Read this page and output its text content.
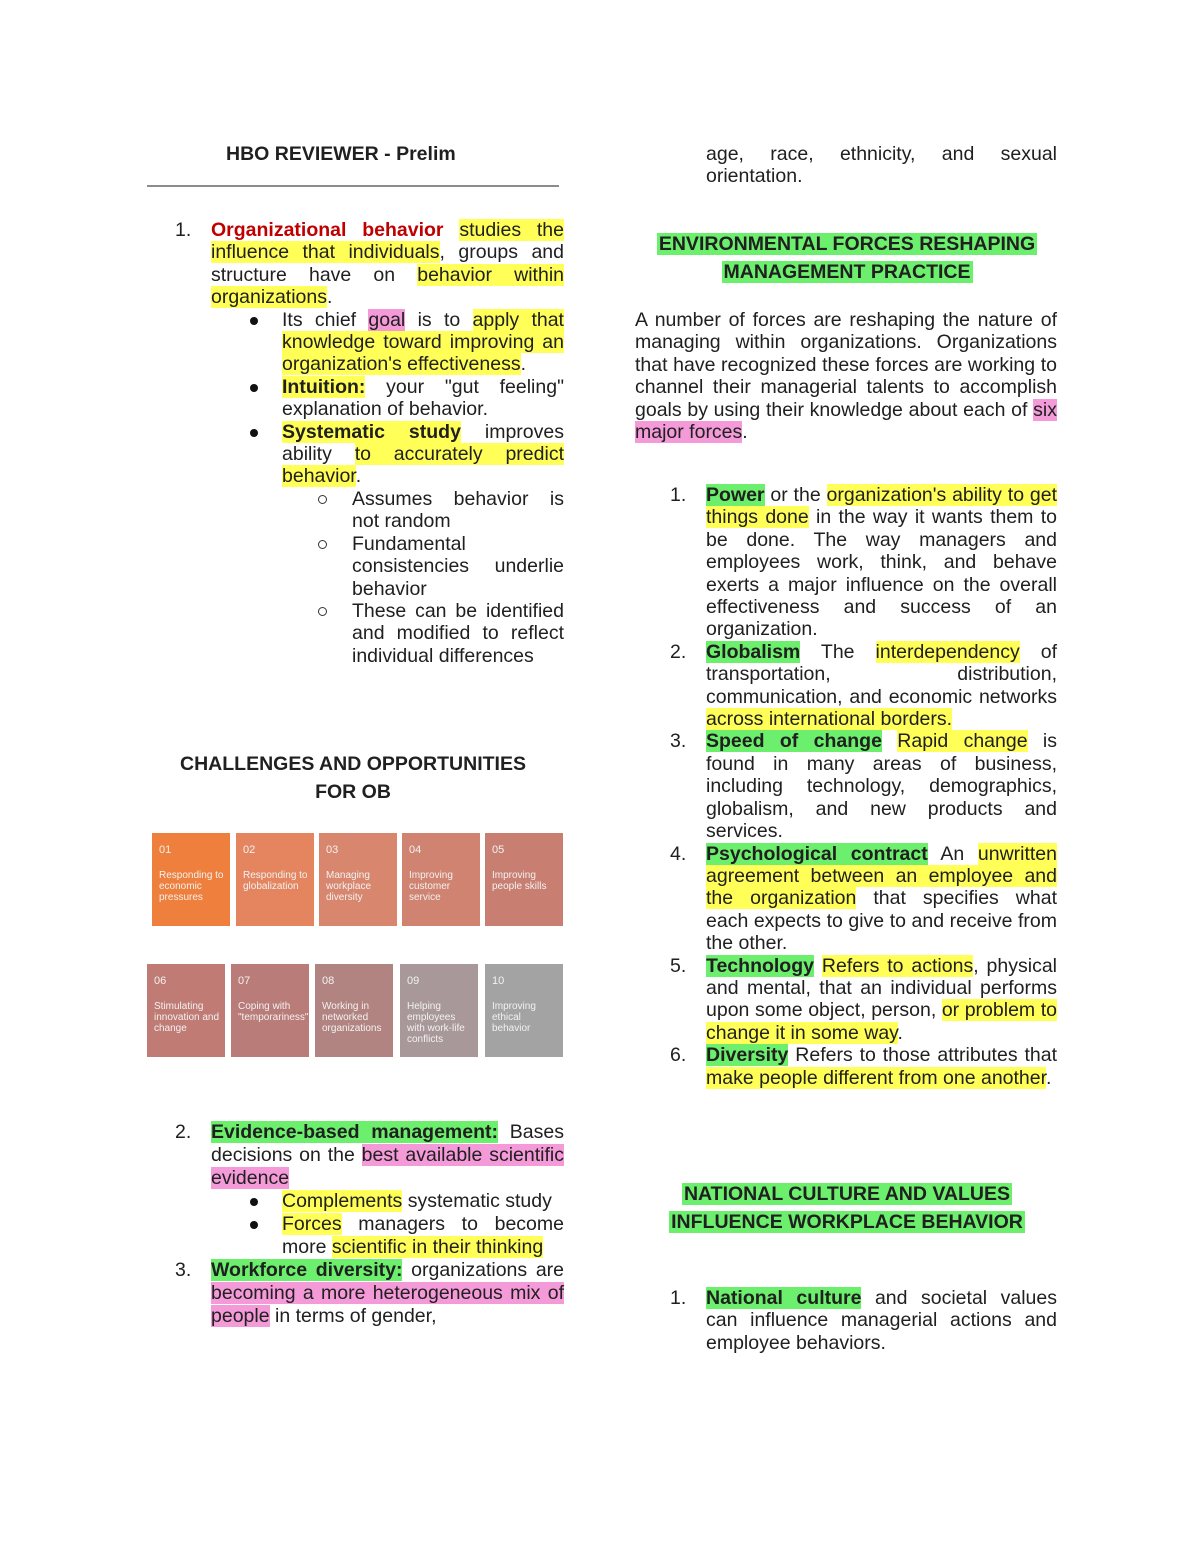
HBO REVIEWER - Prelim
1. Organizational behavior studies the influence that individuals, groups and structure have on behavior within organizations.
Its chief goal is to apply that knowledge toward improving an organization's effectiveness.
Intuition: your "gut feeling" explanation of behavior.
Systematic study improves ability to accurately predict behavior.
Assumes behavior is not random
Fundamental consistencies underlie behavior
These can be identified and modified to reflect individual differences
CHALLENGES AND OPPORTUNITIES
FOR OB
01
Responding to economic pressures
02
Responding to globalization
03
Managing workplace diversity
04
Improving customer service
05
Improving people skills
06
Stimulating innovation and change
07
Coping with "temporariness"
08
Working in networked organizations
09
Helping employees with work-life conflicts
10
Improving ethical behavior
2. Evidence-based management: Bases decisions on the best available scientific evidence
Complements systematic study
Forces managers to become more scientific in their thinking
3. Workforce diversity: organizations are becoming a more heterogeneous mix of people in terms of gender,
age, race, ethnicity, and sexual orientation.
ENVIRONMENTAL FORCES RESHAPING
MANAGEMENT PRACTICE
A number of forces are reshaping the nature of managing within organizations. Organizations that have recognized these forces are working to channel their managerial talents to accomplish goals by using their knowledge about each of six major forces.
1. Power or the organization's ability to get things done in the way it wants them to be done. The way managers and employees work, think, and behave exerts a major influence on the overall effectiveness and success of an organization.
2. Globalism The interdependency of transportation, distribution, communication, and economic networks across international borders.
3. Speed of change Rapid change is found in many areas of business, including technology, demographics, globalism, and new products and services.
4. Psychological contract An unwritten agreement between an employee and the organization that specifies what each expects to give to and receive from the other.
5. Technology Refers to actions, physical and mental, that an individual performs upon some object, person, or problem to change it in some way.
6. Diversity Refers to those attributes that make people different from one another.
NATIONAL CULTURE AND VALUES
INFLUENCE WORKPLACE BEHAVIOR
1. National culture and societal values can influence managerial actions and employee behaviors.
